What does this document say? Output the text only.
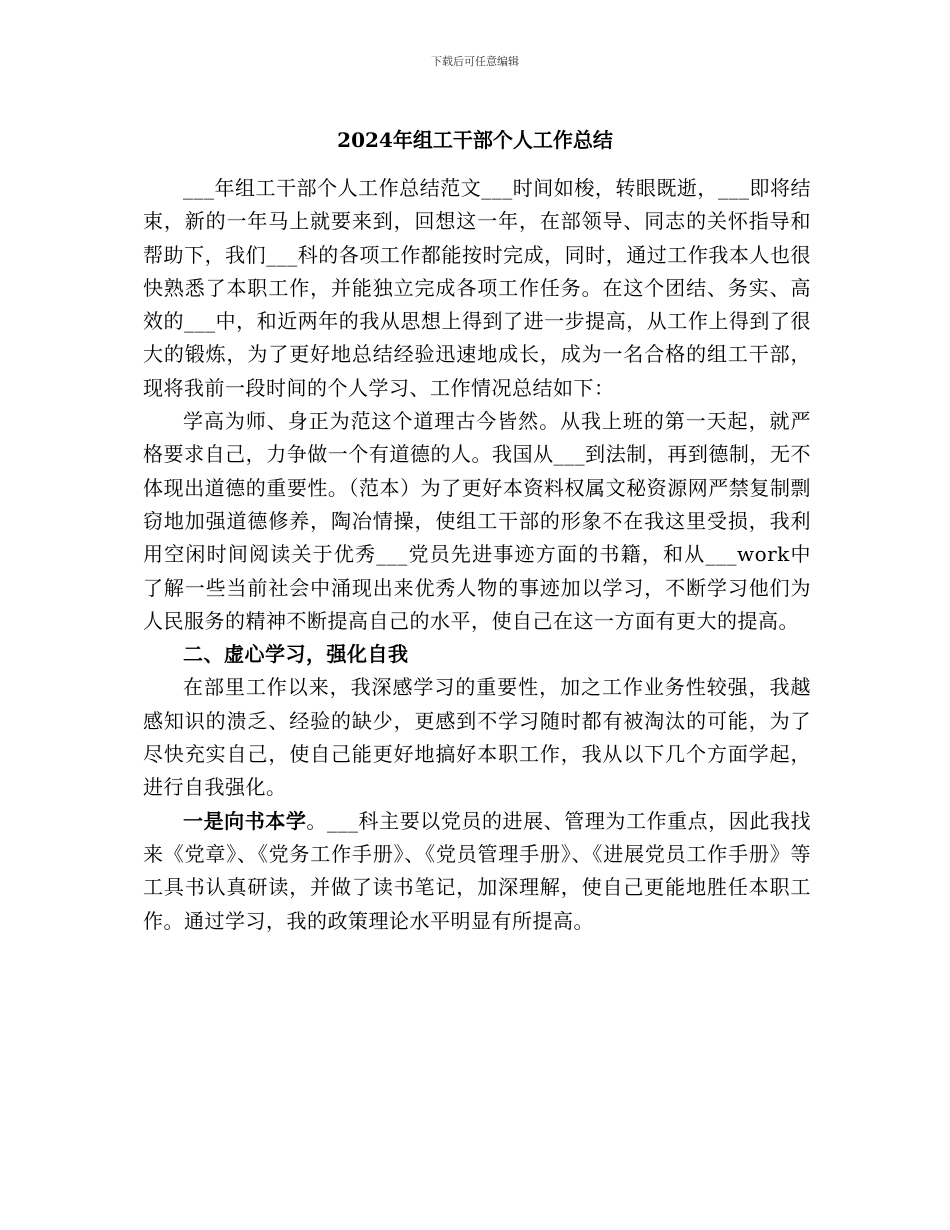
下载后可任意编辑
2024年组工干部个人工作总结

___年组工干部个人工作总结范文___时间如梭，转眼既逝，___即将结束，新的一年马上就要来到，回想这一年，在部领导、同志的关怀指导和帮助下，我们___科的各项工作都能按时完成，同时，通过工作我本人也很快熟悉了本职工作，并能独立完成各项工作任务。在这个团结、务实、高效的___中，和近两年的我从思想上得到了进一步提高，从工作上得到了很大的锻炼，为了更好地总结经验迅速地成长，成为一名合格的组工干部，现将我前一段时间的个人学习、工作情况总结如下：

学高为师、身正为范这个道理古今皆然。从我上班的第一天起，就严格要求自己，力争做一个有道德的人。我国从___到法制，再到德制，无不体现出道德的重要性。（范本）为了更好本资料权属文秘资源网严禁复制剽窃地加强道德修养，陶冶情操，使组工干部的形象不在我这里受损，我利用空闲时间阅读关于优秀___党员先进事迹方面的书籍，和从___work中了解一些当前社会中涌现出来优秀人物的事迹加以学习，不断学习他们为人民服务的精神不断提高自己的水平，使自己在这一方面有更大的提高。

二、虚心学习，强化自我

在部里工作以来，我深感学习的重要性，加之工作业务性较强，我越感知识的溃乏、经验的缺少，更感到不学习随时都有被淘汰的可能，为了尽快充实自己，使自己能更好地搞好本职工作，我从以下几个方面学起，进行自我强化。

一是向书本学。___科主要以党员的进展、管理为工作重点，因此我找来《党章》、《党务工作手册》、《党员管理手册》、《进展党员工作手册》等工具书认真研读，并做了读书笔记，加深理解，使自己更能地胜任本职工作。通过学习，我的政策理论水平明显有所提高。
